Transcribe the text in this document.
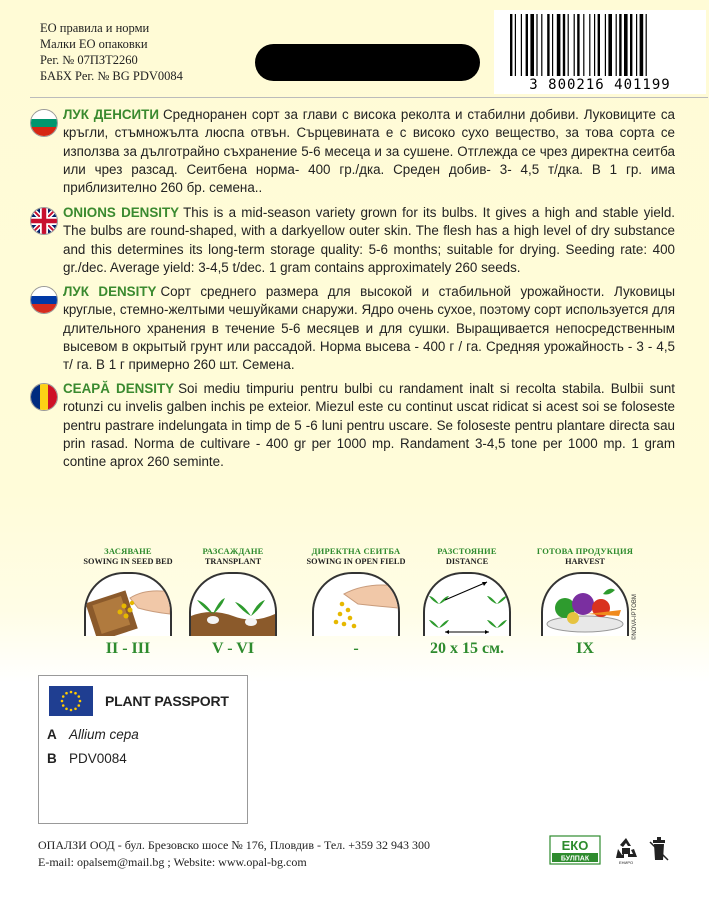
ЕО правила и норми
Малки ЕО опаковки
Рег. № 07ПЗТ2260
БАБХ Рег. № BG PDV0084
3 800216 401199
ЛУК ДЕНСИТИ Средноранен сорт за глави с висока реколта и стабилни добиви. Луковиците са кръгли, стъмножълта люспа отвън. Сърцевината е с високо сухо вещество, за това сорта се използва за дълготрайно съхранение 5-6 месеца и за сушене. Отглежда се чрез директна сеитба или чрез разсад. Сеитбена норма- 400 гр./дка. Среден добив- 3- 4,5 т/дка. В 1 гр. има приблизително 260 бр. семена..
ONIONS DENSITY This is a mid-season variety grown for its bulbs. It gives a high and stable yield. The bulbs are round-shaped, with a darkyellow outer skin. The flesh has a high level of dry substance and this determines its long-term storage quality: 5-6 months; suitable for drying. Seeding rate: 400 gr./dec. Average yield: 3-4,5 t/dec. 1 gram contains approximately 260 seeds.
ЛУК DENSITY Сорт среднего размера для высокой и стабильной урожайности. Луковицы круглые, стемно-желтыми чешуйками снаружи. Ядро очень сухое, поэтому сорт используется для длительного хранения в течение 5-6 месяцев и для сушки. Выращивается непосредственным высевом в окрытый грунт или рассадой. Норма высева - 400 г / га. Средняя урожайность - 3 - 4,5 т/ га. В 1 г примерно 260 шт. Семена.
CEAPĂ DENSITY Soi mediu timpuriu pentru bulbi cu randament inalt si recolta stabila. Bulbii sunt rotunzi cu invelis galben inchis pe exteior. Miezul este cu continut uscat ridicat si acest soi se foloseste pentru pastrare indelungata in timp de 5 -6 luni pentru uscare. Se foloseste pentru plantare directa sau prin rasad. Norma de cultivare - 400 gr per 1000 mp. Randament 3-4,5 tone per 1000 mp. 1 gram contine aprox 260 seminte.
ЗАСЯВАНЕ
SOWING IN SEED BED
II - III
РАЗСАЖДАНЕ
TRANSPLANT
V - VI
ДИРЕКТНА СЕИТБА
SOWING IN OPEN FIELD
-
РАЗСТОЯНИЕ
DISTANCE
20 x 15 см.
ГОТОВА ПРОДУКЦИЯ
HARVEST
IX
©NOVA-IPTOBM
PLANT PASSPORT
A Allium cepa
B PDV0084
ОПАЛЗИ ООД - бул. Брезовско шосе № 176, Пловдив - Тел. +359 32 943 300
E-mail: opalsem@mail.bg ; Website: www.opal-bg.com
ЕКО
БУЛПАК	ЕНИРО
